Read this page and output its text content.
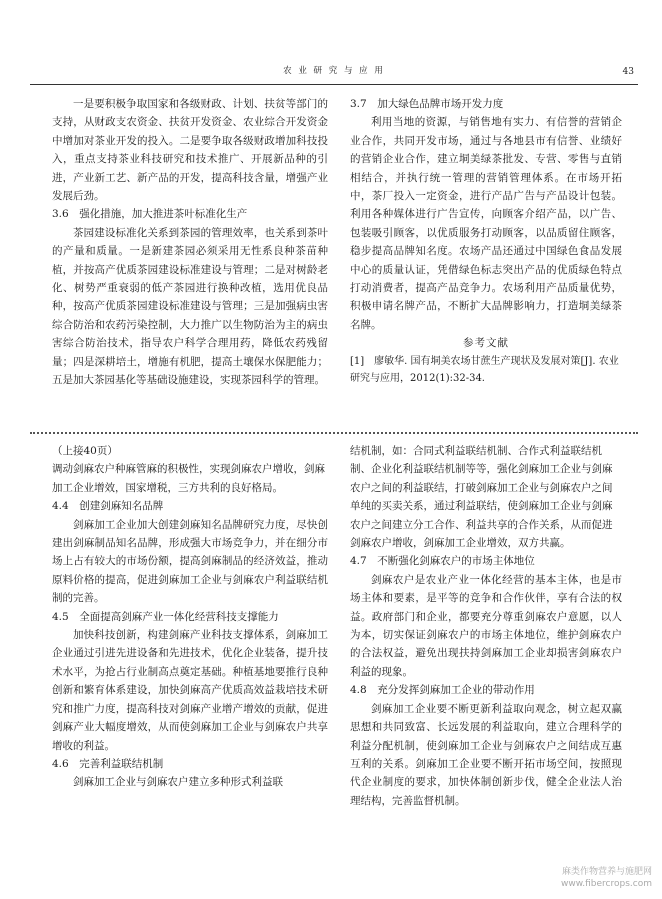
农 业 研 究 与 应 用	43

一是要积极争取国家和各级财政、计划、扶贫等部门的支持，从财政支农资金、扶贫开发资金、农业综合开发资金中增加对茶业开发的投入。二是要争取各级财政增加科技投入，重点支持茶业科技研究和技术推广、开展新品种的引进，产业新工艺、新产品的开发，提高科技含量，增强产业发展后劲。

3.6　强化措施，加大推进茶叶标准化生产

茶园建设标准化关系到茶园的管理效率，也关系到茶叶的产量和质量。一是新建茶园必须采用无性系良种茶苗种植，并按高产优质茶园建设标准建设与管理；二是对树龄老化、树势严重衰弱的低产茶园进行换种改植，选用优良品种，按高产优质茶园建设标准建设与管理；三是加强病虫害综合防治和农药污染控制，大力推广以生物防治为主的病虫害综合防治技术，指导农户科学合理用药，降低农药残留量；四是深耕培土，增施有机肥，提高土壤保水保肥能力；五是加大茶园基化等基础设施建设，实现茶园科学的管理。

3.7　加大绿色品牌市场开发力度

利用当地的资源，与销售地有实力、有信誉的营销企业合作，共同开发市场，通过与各地县市有信誉、业绩好的营销企业合作，建立垌美绿茶批发、专营、零售与直销相结合，并执行统一管理的营销管理体系。在市场开拓中，茶厂投入一定资金，进行产品广告与产品设计包装。利用各种媒体进行广告宣传，向顾客介绍产品，以广告、包装吸引顾客，以优质服务打动顾客，以品质留住顾客，稳步提高品牌知名度。农场产品还通过中国绿色食品发展中心的质量认证，凭借绿色标志突出产品的优质绿色特点打动消费者，提高产品竞争力。农场利用产品质量优势，积极申请名牌产品，不断扩大品牌影响力，打造垌美绿茶名牌。

参考文献

[1]　廖敏华. 国有垌美农场甘蔗生产现状及发展对策[J]. 农业研究与应用，2012(1):32-34.

（上接40页）

调动剑麻农户种麻管麻的积极性，实现剑麻农户增收，剑麻加工企业增效，国家增税，三方共利的良好格局。

4.4　创建剑麻知名品牌

剑麻加工企业加大创建剑麻知名品牌研究力度，尽快创建出剑麻制品知名品牌，形成强大市场竞争力，并在细分市场上占有较大的市场份额，提高剑麻制品的经济效益，推动原料价格的提高，促进剑麻加工企业与剑麻农户利益联结机制的完善。

4.5　全面提高剑麻产业一体化经营科技支撑能力

加快科技创新，构建剑麻产业科技支撑体系，剑麻加工企业通过引进先进设备和先进技术，优化企业装备，提升技术水平，为抢占行业制高点奠定基础。种植基地要推行良种创新和繁育体系建设，加快剑麻高产优质高效益栽培技术研究和推广力度，提高科技对剑麻产业增产增效的贡献，促进剑麻产业大幅度增效，从而使剑麻加工企业与剑麻农户共享增收的利益。

4.6　完善利益联结机制

剑麻加工企业与剑麻农户建立多种形式利益联

结机制，如：合同式利益联结机制、合作式利益联结机制、企业化利益联结机制等等，强化剑麻加工企业与剑麻农户之间的利益联结，打破剑麻加工企业与剑麻农户之间单纯的买卖关系，通过利益联结，使剑麻加工企业与剑麻农户之间建立分工合作、利益共享的合作关系，从而促进剑麻农户增收，剑麻加工企业增效，双方共赢。

4.7　不断强化剑麻农户的市场主体地位

剑麻农户是农业产业一体化经营的基本主体，也是市场主体和要素，是平等的竞争和合作伙伴，享有合法的权益。政府部门和企业，都要充分尊重剑麻农户意愿，以人为本，切实保证剑麻农户的市场主体地位，维护剑麻农户的合法权益，避免出现扶持剑麻加工企业却损害剑麻农户利益的现象。

4.8　充分发挥剑麻加工企业的带动作用

剑麻加工企业要不断更新利益取向观念，树立起双赢思想和共同致富、长远发展的利益取向，建立合理科学的利益分配机制，使剑麻加工企业与剑麻农户之间结成互惠互利的关系。剑麻加工企业要不断开拓市场空间，按照现代企业制度的要求，加快体制创新步伐，健全企业法人治理结构，完善监督机制。

麻类作物营养与施肥网
www.fibercrops.com
